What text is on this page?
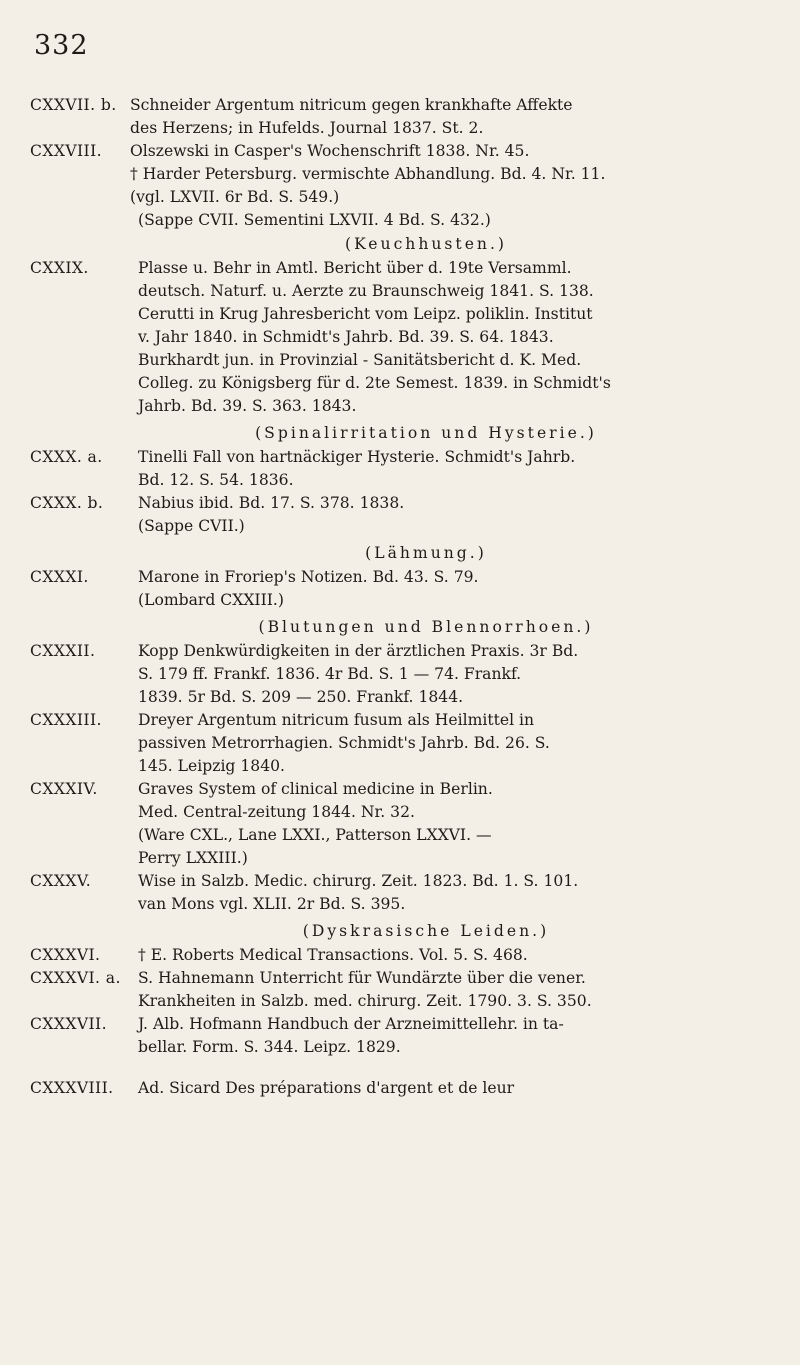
332
CXXVII. b. Schneider Argentum nitricum gegen krankhafte Affekte
des Herzens; in Hufelds. Journal 1837. St. 2.
CXXVIII.	Olszewski in Casper's Wochenschrift 1838. Nr. 45.
† Harder Petersburg. vermischte Abhandlung. Bd. 4. Nr. 11.
(vgl. LXVII. 6r Bd. S. 549.)
(Sappe CVII. Sementini LXVII. 4 Bd. S. 432.)
(Keuchhusten.)
CXXIX.	Plasse u. Behr in Amtl. Bericht über d. 19te Versamml.
deutsch. Naturf. u. Aerzte zu Braunschweig 1841. S. 138.
Cerutti in Krug Jahresbericht vom Leipz. poliklin. Institut
v. Jahr 1840. in Schmidt's Jahrb. Bd. 39. S. 64. 1843.
Burkhardt jun. in Provinzial - Sanitätsbericht d. K. Med.
Colleg. zu Königsberg für d. 2te Semest. 1839. in Schmidt's
Jahrb. Bd. 39. S. 363. 1843.
(Spinalirritation und Hysterie.)
CXXX. a.	Tinelli Fall von hartnäckiger Hysterie. Schmidt's Jahrb.
Bd. 12. S. 54. 1836.
CXXX. b.	Nabius ibid. Bd. 17. S. 378. 1838.
(Sappe CVII.)
(Lähmung.)
CXXXI.	Marone in Froriep's Notizen. Bd. 43. S. 79.
(Lombard CXXIII.)
(Blutungen und Blennorrhoen.)
CXXXII.	Kopp Denkwürdigkeiten in der ärztlichen Praxis. 3r Bd.
S. 179 ff. Frankf. 1836. 4r Bd. S. 1 — 74. Frankf.
1839. 5r Bd. S. 209 — 250. Frankf. 1844.
CXXXIII.	Dreyer Argentum nitricum fusum als Heilmittel in
passiven Metrorrhagien. Schmidt's Jahrb. Bd. 26. S.
145. Leipzig 1840.
CXXXIV.	Graves System of clinical medicine in Berlin.
Med. Central-zeitung 1844. Nr. 32.
(Ware CXL., Lane LXXI., Patterson LXXVI. —
Perry LXXIII.)
CXXXV.	Wise in Salzb. Medic. chirurg. Zeit. 1823. Bd. 1. S. 101.
van Mons vgl. XLII. 2r Bd. S. 395.
(Dyskrasische Leiden.)
CXXXVI.	† E. Roberts Medical Transactions. Vol. 5. S. 468.
CXXXVI. a.	S. Hahnemann Unterricht für Wundärzte über die vener.
Krankheiten in Salzb. med. chirurg. Zeit. 1790. 3. S. 350.
CXXXVII.	J. Alb. Hofmann Handbuch der Arzneimittellehr. in ta-
bellar. Form. S. 344. Leipz. 1829.
CXXXVIII.	Ad. Sicard Des préparations d'argent et de leur
